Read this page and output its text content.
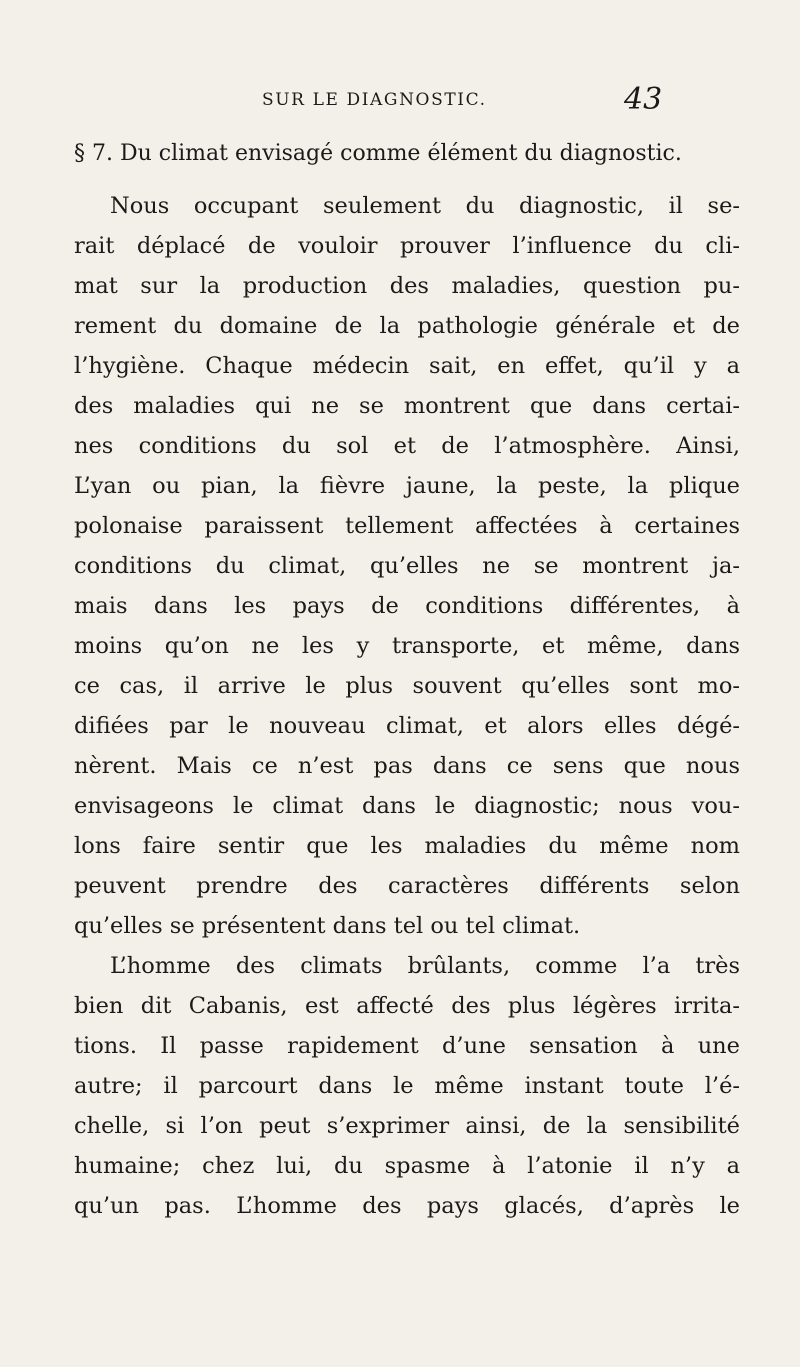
SUR LE DIAGNOSTIC.	43
§ 7. Du climat envisagé comme élément du diagnostic.
Nous occupant seulement du diagnostic, il se-
rait déplacé de vouloir prouver l’influence du cli-
mat sur la production des maladies, question pu-
rement du domaine de la pathologie générale et de
l’hygiène. Chaque médecin sait, en effet, qu’il y a
des maladies qui ne se montrent que dans certai-
nes conditions du sol et de l’atmosphère. Ainsi,
L’yan ou pian, la fièvre jaune, la peste, la plique
polonaise paraissent tellement affectées à certaines
conditions du climat, qu’elles ne se montrent ja-
mais dans les pays de conditions différentes, à
moins qu’on ne les y transporte, et même, dans
ce cas, il arrive le plus souvent qu’elles sont mo-
difiées par le nouveau climat, et alors elles dégé-
nèrent. Mais ce n’est pas dans ce sens que nous
envisageons le climat dans le diagnostic; nous vou-
lons faire sentir que les maladies du même nom
peuvent prendre des caractères différents selon
qu’elles se présentent dans tel ou tel climat.
L’homme des climats brûlants, comme l’a très
bien dit Cabanis, est affecté des plus légères irrita-
tions. Il passe rapidement d’une sensation à une
autre; il parcourt dans le même instant toute l’é-
chelle, si l’on peut s’exprimer ainsi, de la sensibilité
humaine; chez lui, du spasme à l’atonie il n’y a
qu’un pas. L’homme des pays glacés, d’après le
